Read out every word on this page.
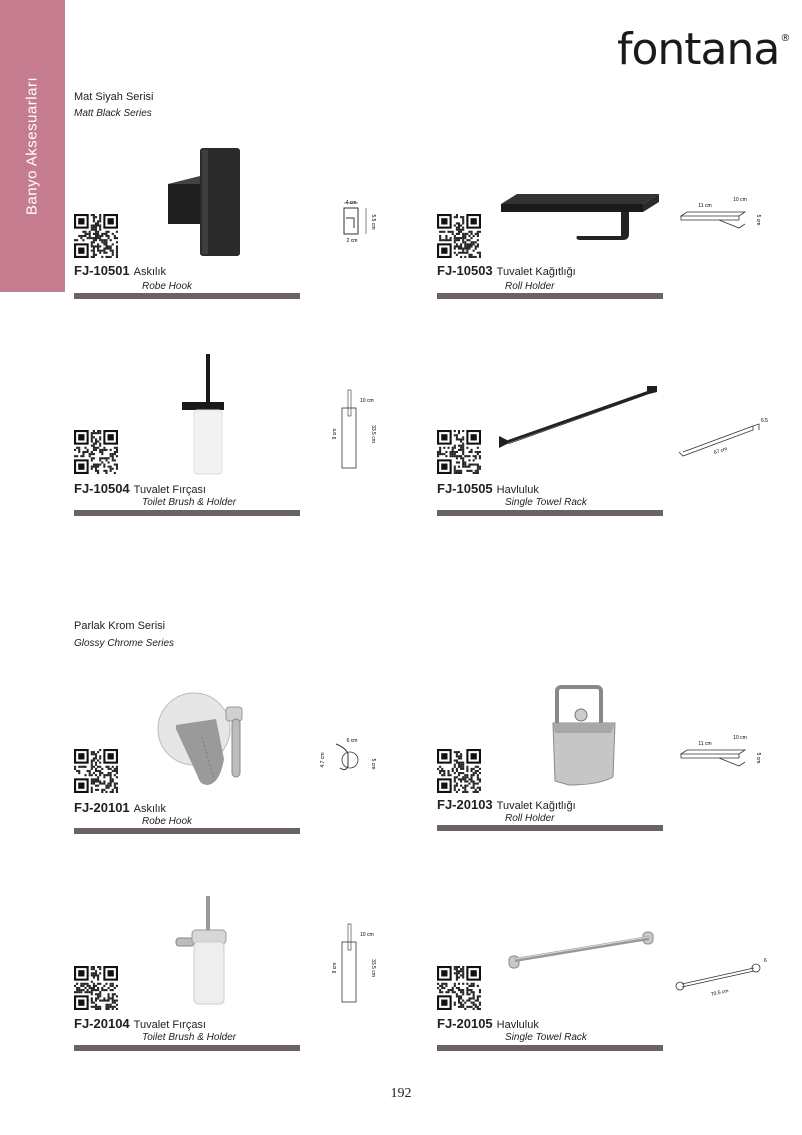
Banyo Aksesuarları
fontana ®
Mat Siyah Serisi
Matt Black Series
Parlak Krom Serisi
Glossy Chrome Series
FJ-10501 Askılık
Robe Hook
4 cm
5.5 cm
2 cm
FJ-10503 Tuvalet Kağıtlığı
Roll Holder
11 cm
10 cm
5 cm
FJ-10504 Tuvalet Fırçası
Toilet Brush & Holder
10 cm
9 cm	33.5 cm
FJ-10505 Havluluk
Single Towel Rack
6.5
67 cm
FJ-20101 Askılık
Robe Hook
6 cm
4.7 cm	5 cm
FJ-20103 Tuvalet Kağıtlığı
Roll Holder
11 cm
10 cm
5 cm
FJ-20104 Tuvalet Fırçası
Toilet Brush & Holder
10 cm
9 cm	33.5 cm
FJ-20105 Havluluk
Single Towel Rack
6
70.5 cm
192
